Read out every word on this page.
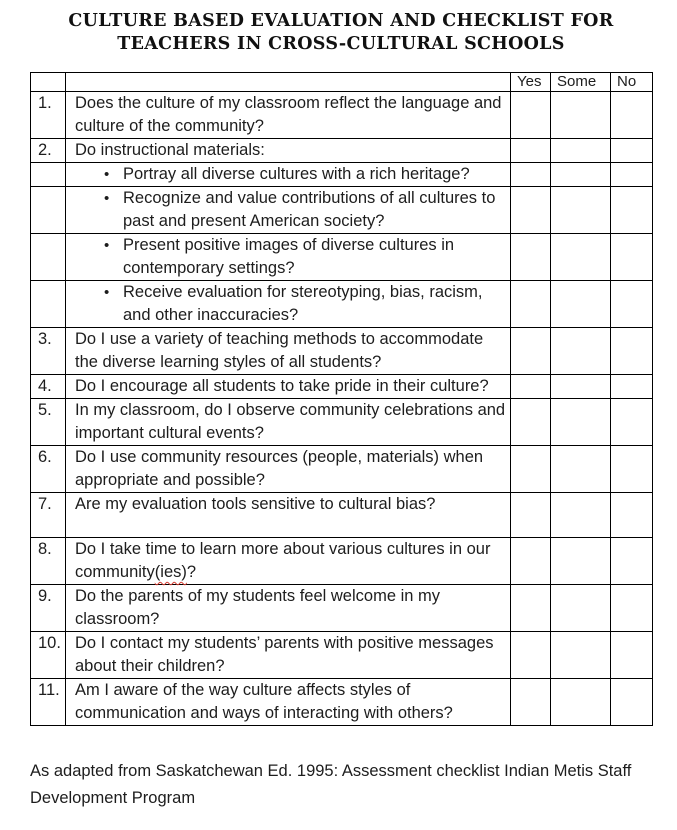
CULTURE BASED EVALUATION AND CHECKLIST FOR
TEACHERS IN CROSS-CULTURAL SCHOOLS
		Yes	Some	No
1.	Does the culture of my classroom reflect the language and culture of the community?			

2.	Do instructional materials:			

	• Portray all diverse cultures with a rich heritage?			

	• Recognize and value contributions of all cultures to past and present American society?			

	• Present positive images of diverse cultures in contemporary settings?			

	• Receive evaluation for stereotyping, bias, racism, and other inaccuracies?			

3.	Do I use a variety of teaching methods to accommodate the diverse learning styles of all students?			

4.	Do I encourage all students to take pride in their culture?			

5.	In my classroom, do I observe community celebrations and important cultural events?			

6.	Do I use community resources (people, materials) when appropriate and possible?			

7.	Are my evaluation tools sensitive to cultural bias?			

8.	Do I take time to learn more about various cultures in our community(ies)?			

9.	Do the parents of my students feel welcome in my classroom?			

10.	Do I contact my students’ parents with positive messages about their children?			

11.	Am I aware of the way culture affects styles of communication and ways of interacting with others?			

As adapted from Saskatchewan Ed. 1995: Assessment checklist Indian Metis Staff Development Program
